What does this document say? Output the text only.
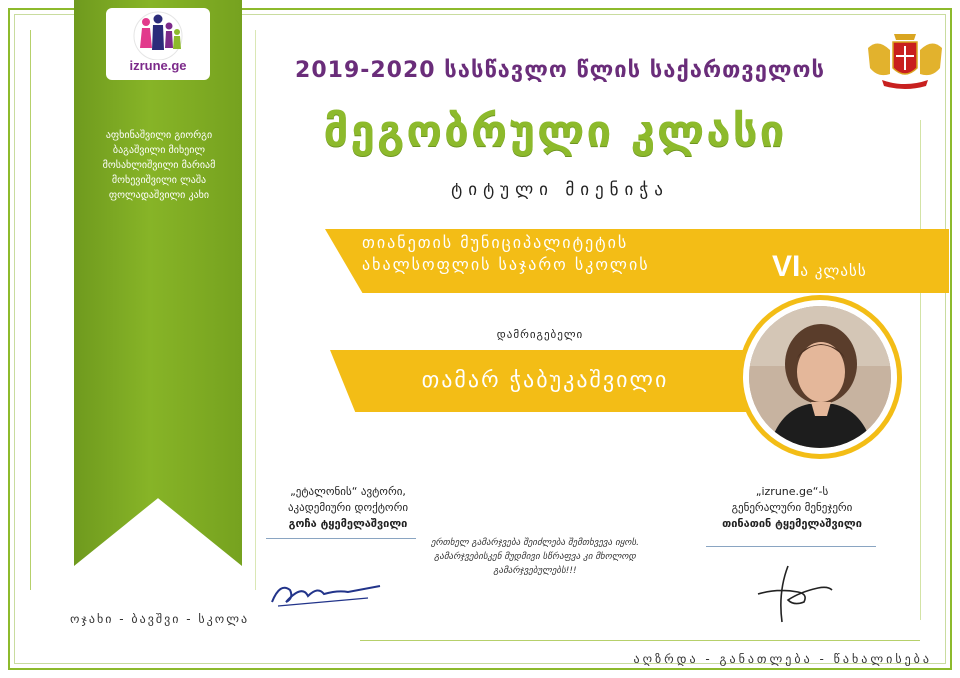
izrune.ge
აფხინაშვილი გიორგი ბაგაშვილი მიხეილ მოსახლიშვილი მარიამ მოხევიშვილი ლაშა ფოლადაშვილი კახი
2019-2020 სასწავლო წლის საქართველოს
მეგობრული კლასი
ტიტული მიენიჭა
თიანეთის მუნიციპალიტეტის
ახალსოფლის საჯარო სკოლის	VIა კლასს
დამრიგებელი
თამარ ჭაბუკაშვილი
„ეტალონის“ ავტორი,
აკადემიური დოქტორი
გოჩა ტყემელაშვილი
„izrune.ge“-ს
გენერალური მენეჯერი
თინათინ ტყემელაშვილი
ერთხელ გამარჯვება შეიძლება შემთხვევა იყოს.
გამარჯვებისკენ მუდმივი სწრაფვა კი მხოლოდ გამარჯვებულებს!!!
ოჯახი - ბავშვი - სკოლა
აღზრდა - განათლება - წახალისება
